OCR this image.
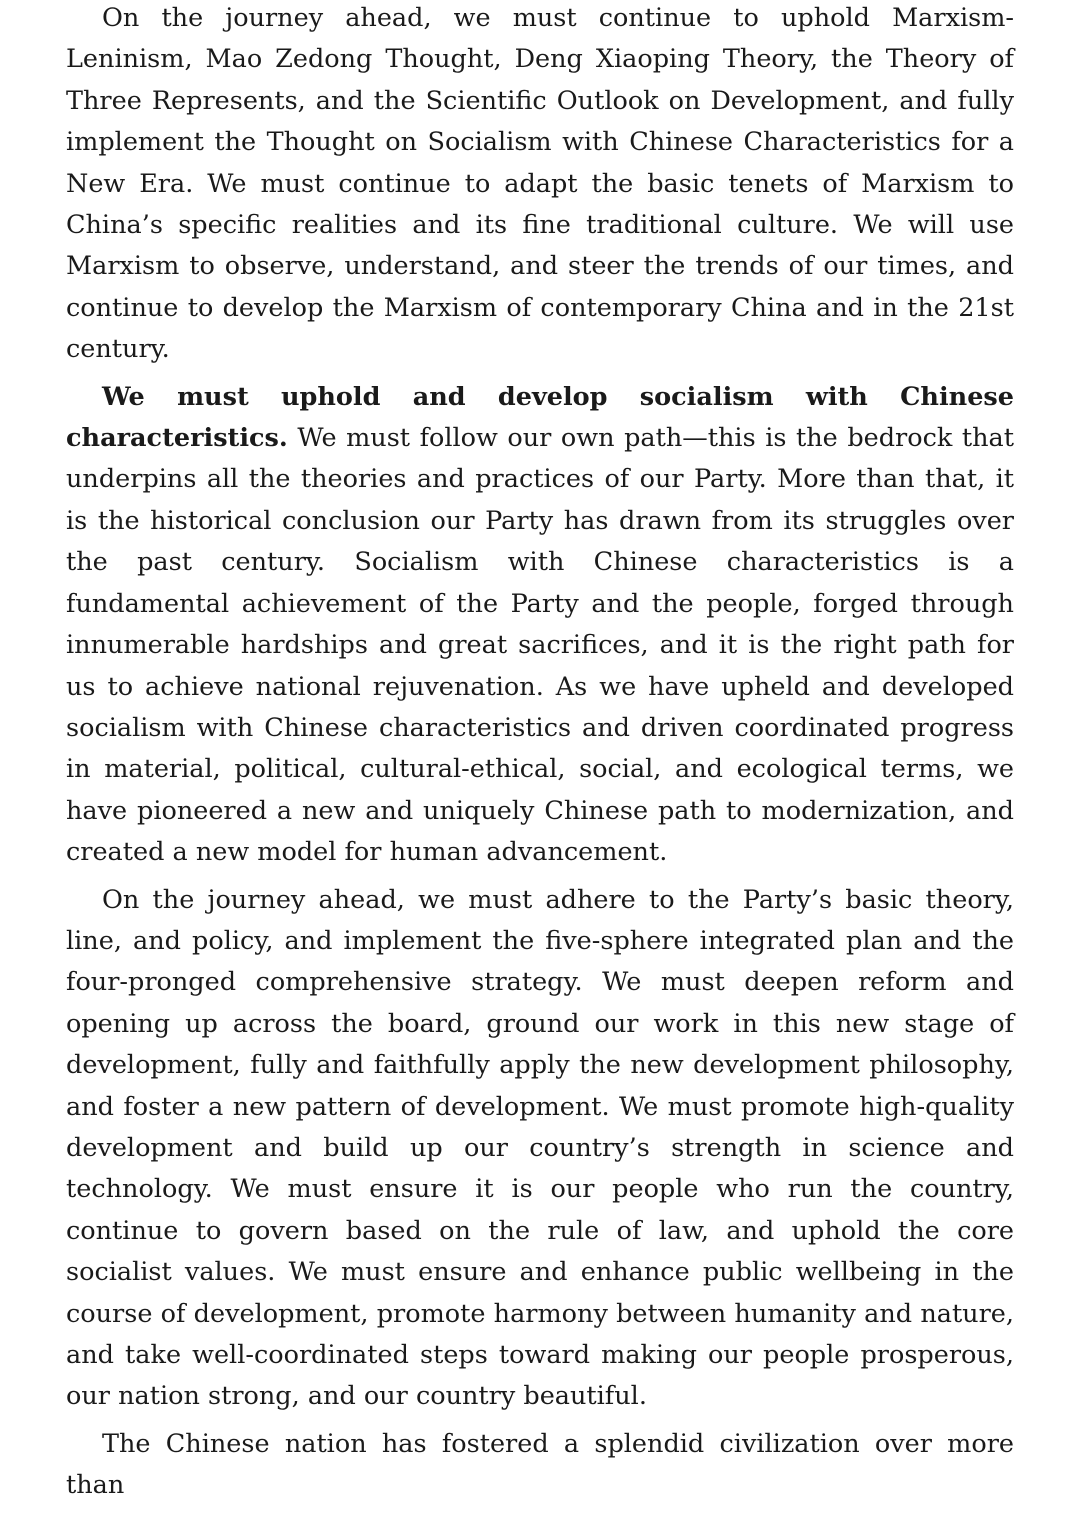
On the journey ahead, we must continue to uphold Marxism-Leninism, Mao Zedong Thought, Deng Xiaoping Theory, the Theory of Three Represents, and the Scientific Outlook on Development, and fully implement the Thought on Socialism with Chinese Characteristics for a New Era. We must continue to adapt the basic tenets of Marxism to China’s specific realities and its fine traditional culture. We will use Marxism to observe, understand, and steer the trends of our times, and continue to develop the Marxism of contemporary China and in the 21st century.

We must uphold and develop socialism with Chinese characteristics. We must follow our own path—this is the bedrock that underpins all the theories and practices of our Party. More than that, it is the historical conclusion our Party has drawn from its struggles over the past century. Socialism with Chinese characteristics is a fundamental achievement of the Party and the people, forged through innumerable hardships and great sacrifices, and it is the right path for us to achieve national rejuvenation. As we have upheld and developed socialism with Chinese characteristics and driven coordinated progress in material, political, cultural-ethical, social, and ecological terms, we have pioneered a new and uniquely Chinese path to modernization, and created a new model for human advancement.

On the journey ahead, we must adhere to the Party’s basic theory, line, and policy, and implement the five-sphere integrated plan and the four-pronged comprehensive strategy. We must deepen reform and opening up across the board, ground our work in this new stage of development, fully and faithfully apply the new development philosophy, and foster a new pattern of development. We must promote high-quality development and build up our country’s strength in science and technology. We must ensure it is our people who run the country, continue to govern based on the rule of law, and uphold the core socialist values. We must ensure and enhance public wellbeing in the course of development, promote harmony between humanity and nature, and take well-coordinated steps toward making our people prosperous, our nation strong, and our country beautiful.

The Chinese nation has fostered a splendid civilization over more than
